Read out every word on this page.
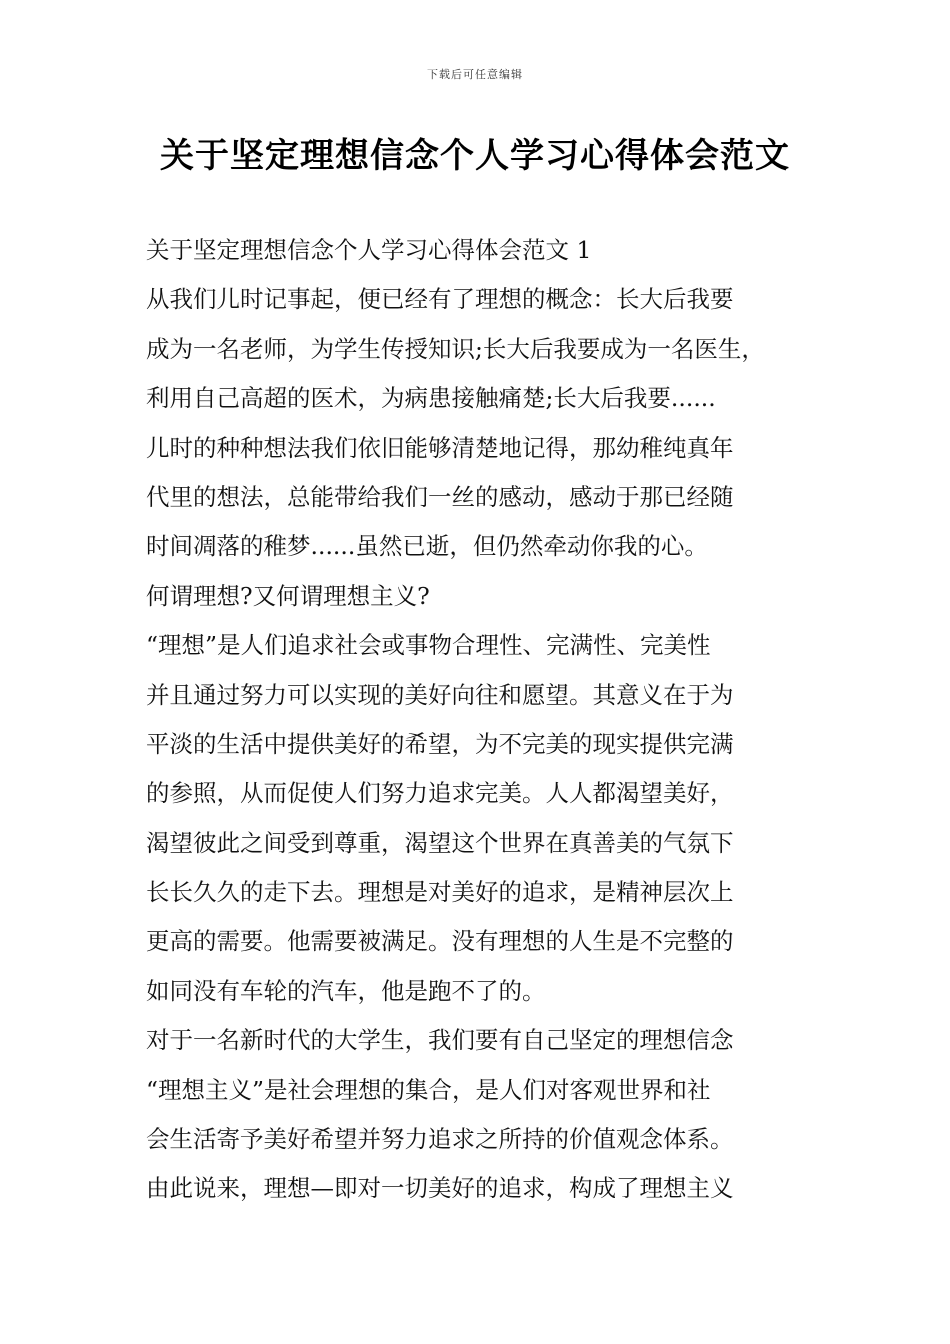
下载后可任意编辑
关于坚定理想信念个人学习心得体会范文
关于坚定理想信念个人学习心得体会范文 1
从我们儿时记事起，便已经有了理想的概念：长大后我要
成为一名老师，为学生传授知识;长大后我要成为一名医生，
利用自己高超的医术，为病患接触痛楚;长大后我要......
儿时的种种想法我们依旧能够清楚地记得，那幼稚纯真年
代里的想法，总能带给我们一丝的感动，感动于那已经随
时间凋落的稚梦......虽然已逝，但仍然牵动你我的心。
何谓理想?又何谓理想主义?
“理想”是人们追求社会或事物合理性、完满性、完美性
并且通过努力可以实现的美好向往和愿望。其意义在于为
平淡的生活中提供美好的希望，为不完美的现实提供完满
的参照，从而促使人们努力追求完美。人人都渴望美好，
渴望彼此之间受到尊重，渴望这个世界在真善美的气氛下
长长久久的走下去。理想是对美好的追求，是精神层次上
更高的需要。他需要被满足。没有理想的人生是不完整的
如同没有车轮的汽车，他是跑不了的。
对于一名新时代的大学生，我们要有自己坚定的理想信念
“理想主义”是社会理想的集合，是人们对客观世界和社
会生活寄予美好希望并努力追求之所持的价值观念体系。
由此说来，理想—即对一切美好的追求，构成了理想主义
